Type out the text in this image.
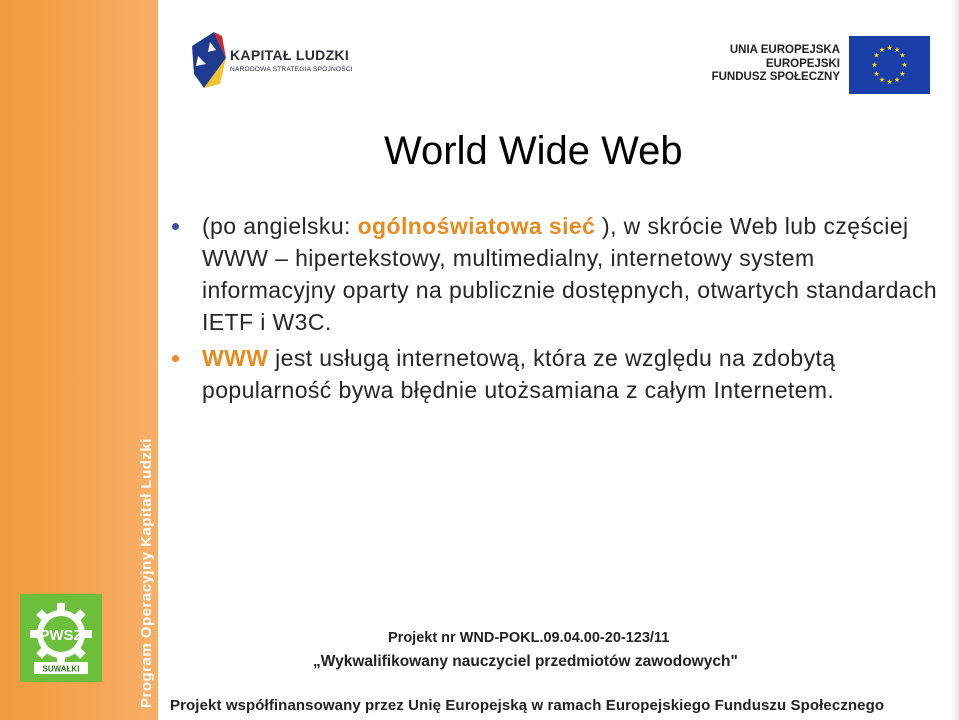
Program Operacyjny Kapitał Ludzki
KAPITAŁ LUDZKI
NARODOWA STRATEGIA SPÓJNOŚCI
UNIA EUROPEJSKA
EUROPEJSKI
FUNDUSZ SPOŁECZNY
★ ★
★
★
★
★
★
★
★
★
★
★
World Wide Web
(po angielsku: ogólnoświatowa sieć ), w skrócie Web lub częściej WWW – hipertekstowy, multimedialny, internetowy system informacyjny oparty na publicznie dostępnych, otwartych standardach IETF i W3C.
WWW jest usługą internetową, która ze względu na zdobytą popularność bywa błędnie utożsamiana z całym Internetem.
PWSZ
SUWAŁKI
Projekt nr WND-POKL.09.04.00-20-123/11
„Wykwalifikowany nauczyciel przedmiotów zawodowych"
Projekt współfinansowany przez Unię Europejską w ramach Europejskiego Funduszu Społecznego
